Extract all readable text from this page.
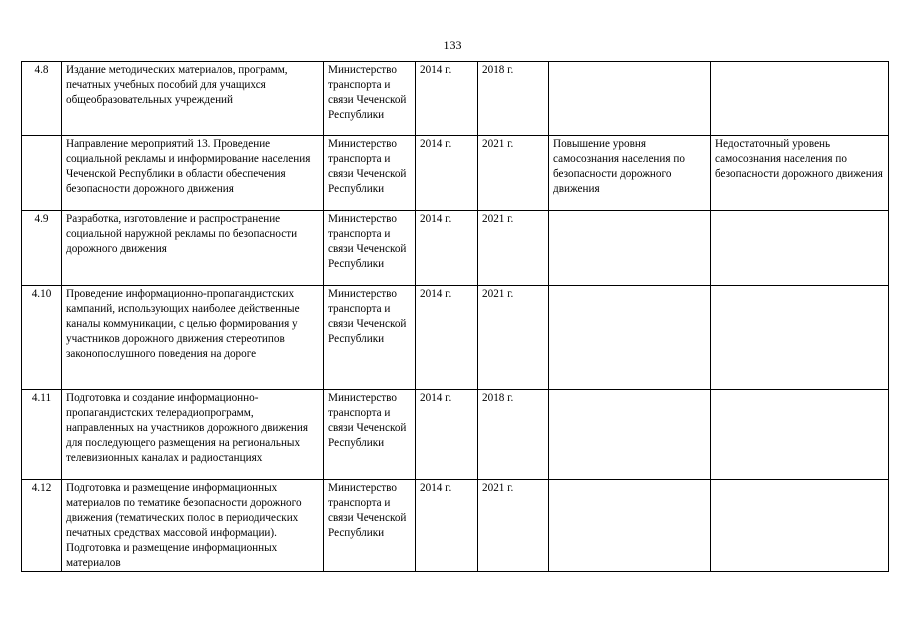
133
4.8	Издание методических материалов, программ, печатных учебных пособий для учащихся общеобразовательных учреждений	Министерство транспорта и связи Чеченской Республики	2014 г.	2018 г.		
	Направление мероприятий 13. Проведение социальной рекламы и информирование населения Чеченской Республики в области обеспечения безопасности дорожного движения	Министерство транспорта и связи Чеченской Республики	2014 г.	2021 г.	Повышение уровня самосознания населения по безопасности дорожного движения	Недостаточный уровень самосознания населения по безопасности дорожного движения
4.9	Разработка, изготовление и распространение социальной наружной рекламы по безопасности дорожного движения	Министерство транспорта и связи Чеченской Республики	2014 г.	2021 г.		
4.10	Проведение информационно-пропагандистских кампаний, использующих наиболее действенные каналы коммуникации, с целью формирования у участников дорожного движения стереотипов законопослушного поведения на дороге	Министерство транспорта и связи Чеченской Республики	2014 г.	2021 г.		
4.11	Подготовка и создание информационно-пропагандистских телерадиопрограмм, направленных на участников дорожного движения для последующего размещения на региональных телевизионных каналах и радиостанциях	Министерство транспорта и связи Чеченской Республики	2014 г.	2018 г.		
4.12	Подготовка и размещение информационных материалов по тематике безопасности дорожного движения (тематических полос в периодических печатных средствах массовой информации). Подготовка и размещение информационных материалов	Министерство транспорта и связи Чеченской Республики	2014 г.	2021 г.		
